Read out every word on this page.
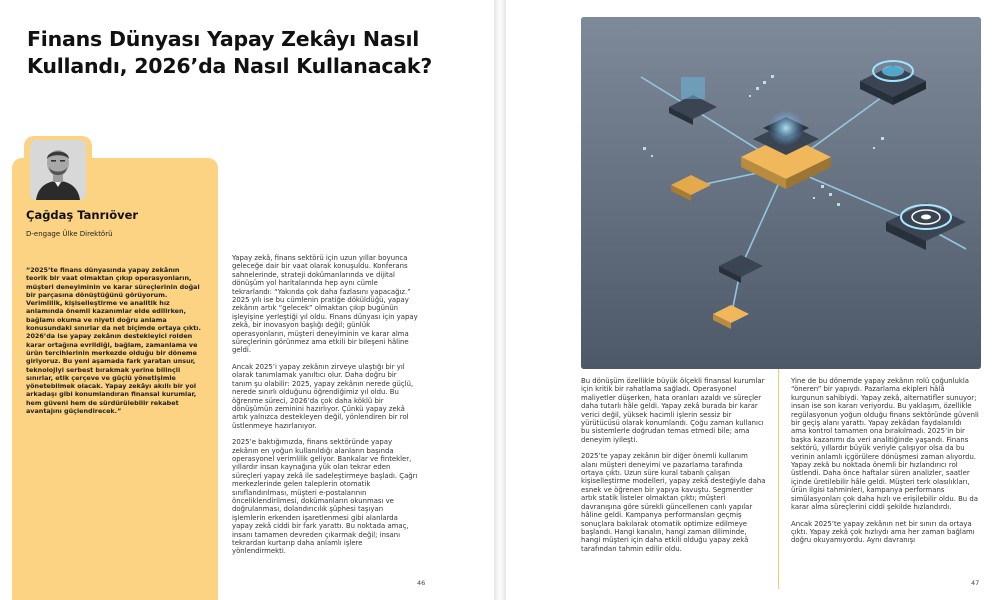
Finans Dünyası Yapay Zekâyı Nasıl Kullandı, 2026’da Nasıl Kullanacak?
Çağdaş Tanrıöver
D-engage Ülke Direktörü

“2025’te finans dünyasında yapay zekânın teorik bir vaat olmaktan çıkıp operasyonların, müşteri deneyiminin ve karar süreçlerinin doğal bir parçasına dönüştüğünü görüyorum. Verimlilik, kişiselleştirme ve analitik hız anlamında önemli kazanımlar elde edilirken, bağlamı okuma ve niyeti doğru anlama konusundaki sınırlar da net biçimde ortaya çıktı. 2026’da ise yapay zekânın destekleyici rolden karar ortağına evrildiği, bağlam, zamanlama ve ürün tercihlerinin merkezde olduğu bir döneme giriyoruz. Bu yeni aşamada fark yaratan unsur, teknolojiyi serbest bırakmak yerine bilinçli sınırlar, etik çerçeve ve güçlü yönetişimle yönetebilmek olacak. Yapay zekâyı akıllı bir yol arkadaşı gibi konumlandıran finansal kurumlar, hem güveni hem de sürdürülebilir rekabet avantajını güçlendirecek.”

Yapay zekâ, finans sektörü için uzun yıllar boyunca geleceğe dair bir vaat olarak konuşuldu. Konferans sahnelerinde, strateji dokümanlarında ve dijital dönüşüm yol haritalarında hep aynı cümle tekrarlandı: “Yakında çok daha fazlasını yapacağız.” 2025 yılı ise bu cümlenin pratiğe döküldüğü, yapay zekânın artık “gelecek” olmaktan çıkıp bugünün işleyişine yerleştiği yıl oldu. Finans dünyası için yapay zekâ, bir inovasyon başlığı değil; günlük operasyonların, müşteri deneyiminin ve karar alma süreçlerinin görünmez ama etkili bir bileşeni hâline geldi.

Ancak 2025’i yapay zekânın zirveye ulaştığı bir yıl olarak tanımlamak yanıltıcı olur. Daha doğru bir tanım şu olabilir: 2025, yapay zekânın nerede güçlü, nerede sınırlı olduğunu öğrendiğimiz yıl oldu. Bu öğrenme süreci, 2026’da çok daha köklü bir dönüşümün zeminini hazırlıyor. Çünkü yapay zekâ artık yalnızca destekleyen değil, yönlendiren bir rol üstlenmeye hazırlanıyor.

2025’e baktığımızda, finans sektöründe yapay zekânın en yoğun kullanıldığı alanların başında operasyonel verimlilik geliyor. Bankalar ve fintekler, yıllardır insan kaynağına yük olan tekrar eden süreçleri yapay zekâ ile sadeleştirmeye başladı. Çağrı merkezlerinde gelen taleplerin otomatik sınıflandırılması, müşteri e-postalarının önceliklendirilmesi, dokümanların okunması ve doğrulanması, dolandırıcılık şüphesi taşıyan işlemlerin erkenden işaretlenmesi gibi alanlarda yapay zekâ ciddi bir fark yarattı. Bu noktada amaç, insanı tamamen devreden çıkarmak değil; insanı tekrardan kurtarıp daha anlamlı işlere yönlendirmekti.

46

Bu dönüşüm özellikle büyük ölçekli finansal kurumlar için kritik bir rahatlama sağladı. Operasyonel maliyetler düşerken, hata oranları azaldı ve süreçler daha tutarlı hâle geldi. Yapay zekâ burada bir karar verici değil, yüksek hacimli işlerin sessiz bir yürütücüsü olarak konumlandı. Çoğu zaman kullanıcı bu sistemlerle doğrudan temas etmedi bile; ama deneyim iyileşti.

2025’te yapay zekânın bir diğer önemli kullanım alanı müşteri deneyimi ve pazarlama tarafında ortaya çıktı. Uzun süre kural tabanlı çalışan kişiselleştirme modelleri, yapay zekâ desteğiyle daha esnek ve öğrenen bir yapıya kavuştu. Segmentler artık statik listeler olmaktan çıktı; müşteri davranışına göre sürekli güncellenen canlı yapılar hâline geldi. Kampanya performansları geçmiş sonuçlara bakılarak otomatik optimize edilmeye başlandı. Hangi kanalın, hangi zaman diliminde, hangi müşteri için daha etkili olduğu yapay zekâ tarafından tahmin edilir oldu.

Yine de bu dönemde yapay zekânın rolü çoğunlukla “öneren” bir yapıydı. Pazarlama ekipleri hâlâ kurgunun sahibiydi. Yapay zekâ, alternatifler sunuyor; insan ise son kararı veriyordu. Bu yaklaşım, özellikle regülasyonun yoğun olduğu finans sektöründe güvenli bir geçiş alanı yarattı. Yapay zekâdan faydalanıldı ama kontrol tamamen ona bırakılmadı. 2025’in bir başka kazanımı da veri analitiğinde yaşandı. Finans sektörü, yıllardır büyük veriyle çalışıyor olsa da bu verinin anlamlı içgörülere dönüşmesi zaman alıyordu. Yapay zekâ bu noktada önemli bir hızlandırıcı rol üstlendi. Daha önce haftalar süren analizler, saatler içinde üretilebilir hâle geldi. Müşteri terk olasılıkları, ürün ilgisi tahminleri, kampanya performans simülasyonları çok daha hızlı ve erişilebilir oldu. Bu da karar alma süreçlerini ciddi şekilde hızlandırdı.

Ancak 2025’te yapay zekânın net bir sınırı da ortaya çıktı. Yapay zekâ çok hızlıydı ama her zaman bağlamı doğru okuyamıyordu. Aynı davranışı

47
